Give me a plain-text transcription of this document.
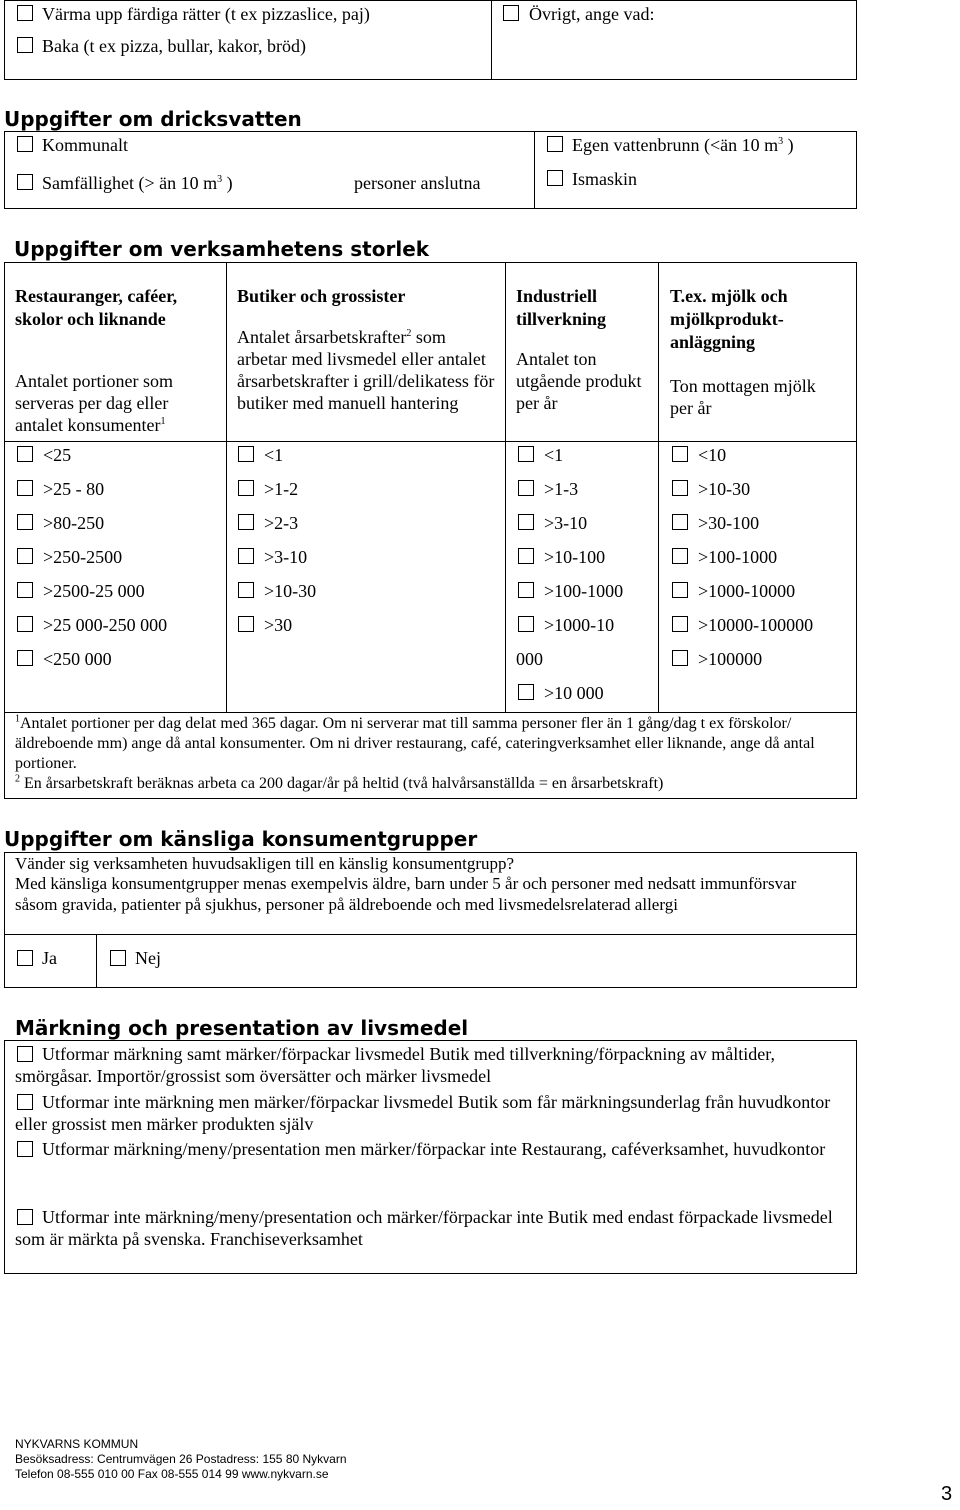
Värma upp färdiga rätter (t ex pizzaslice, paj)
Baka (t ex pizza, bullar, kakor, bröd)
Övrigt, ange vad:
Uppgifter om dricksvatten
Kommunalt
Samfällighet (> än 10 $m^3$ )	personer anslutna
Egen vattenbrunn (<än 10 $m^3$ )
Ismaskin
Uppgifter om verksamhetens storlek
Restauranger, caféer, skolor och liknande
Antalet portioner som serveras per dag eller antalet konsumenter$^1$
Butiker och grossister
Antalet årsarbetskrafter$^2$ som arbetar med livsmedel eller antalet årsarbetskrafter i grill/delikatess för butiker med manuell hantering
Industriell tillverkning
Antalet ton utgående produkt per år
T.ex. mjölk och mjölkprodukt-anläggning
Ton mottagen mjölk per år
<25
>25 - 80
>80-250
>250-2500
>2500-25 000
>25 000-250 000
<250 000
<1
>1-2
>2-3
>3-10
>10-30
>30
<1
>1-3
>3-10
>10-100
>100-1000
>1000-10
000
>10 000
<10
>10-30
>30-100
>100-1000
>1000-10000
>10000-100000
>100000
$^1$Antalet portioner per dag delat med 365 dagar. Om ni serverar mat till samma personer fler än 1 gång/dag t ex förskolor/äldreboende mm) ange då antal konsumenter. Om ni driver restaurang, café, cateringverksamhet eller liknande, ange då antal portioner.
$^2$ En årsarbetskraft beräknas arbeta ca 200 dagar/år på heltid (två halvårsanställda = en årsarbetskraft)
Uppgifter om känsliga konsumentgrupper
Vänder sig verksamheten huvudsakligen till en känslig konsumentgrupp?
Med känsliga konsumentgrupper menas exempelvis äldre, barn under 5 år och personer med nedsatt immunförsvar såsom gravida, patienter på sjukhus, personer på äldreboende och med livsmedelsrelaterad allergi
Ja	Nej
Märkning och presentation av livsmedel
Utformar märkning samt märker/förpackar livsmedel Butik med tillverkning/förpackning av måltider, smörgåsar. Importör/grossist som översätter och märker livsmedel
Utformar inte märkning men märker/förpackar livsmedel Butik som får märkningsunderlag från huvudkontor eller grossist men märker produkten själv
Utformar märkning/meny/presentation men märker/förpackar inte Restaurang, caféverksamhet, huvudkontor
Utformar inte märkning/meny/presentation och märker/förpackar inte Butik med endast förpackade livsmedel som är märkta på svenska. Franchiseverksamhet
NYKVARNS KOMMUN
Besöksadress: Centrumvägen 26 Postadress: 155 80 Nykvarn
Telefon 08-555 010 00 Fax 08-555 014 99 www.nykvarn.se
3
